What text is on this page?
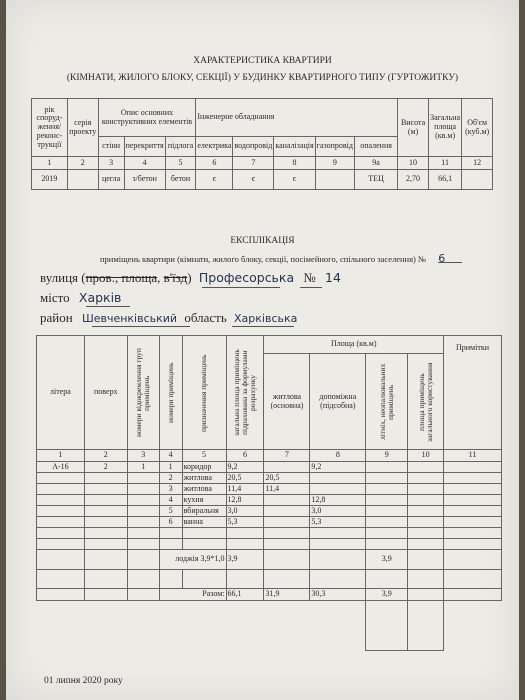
ХАРАКТЕРИСТИКА КВАРТИРИ
(КІМНАТИ, ЖИЛОГО БЛОКУ, СЕКЦІЇ) У БУДИНКУ КВАРТИРНОГО ТИПУ (ГУРТОЖИТКУ)
рік споруд-ження/ реконс-трукції	серія проекту	Опис основних конструктивних елементів			Інженерне обладнання					Висота (м)	Загальна площа (кв.м)	Об'єм (куб.м)
		стіни	перекриття	підлога	електрика	водопровід	каналізація	газопровід	опалення			
1	2	3	4	5	6	7	8	9	9а	10	11	12
2019		цегла	з/бетон	бетон	є	є	є		ТЕЦ	2,70	66,1	
ЕКСПЛІКАЦІЯ
приміщень квартири (кімнати, жилого блоку, секції, посімейного, спільного заселення) № 6
вулиця (пров., площа, в'їзд) Професорська № 14
місто Харків
район Шевченківський область Харківська
літера	поверх	номери відокремлення груп приміщень	номери приміщень	призначення приміщень	загальна площа приміщень підрахована за формулами розрахунку	Площа (кв.м)				Примітки
						житлова (основна)	допоміжна (підсобна)	літніх, неопалювальних приміщень	площа приміщень загального користування	

1	2	3	4	5	6	7	8	9	10	11
А-16	2	1	1	коридор	9,2		9,2			
			2	житлова	20,5	20,5				
			3	житлова	11,4	11,4				
			4	кухня	12,8		12,8			
			5	вбиральня	3,0		3,0			
			6	ванна	5,3		5,3			

			лоджія 3,9*1,0		3,9			3,9		

			Разом:		66,1	31,9	30,3	3,9		

01 липня 2020 року
